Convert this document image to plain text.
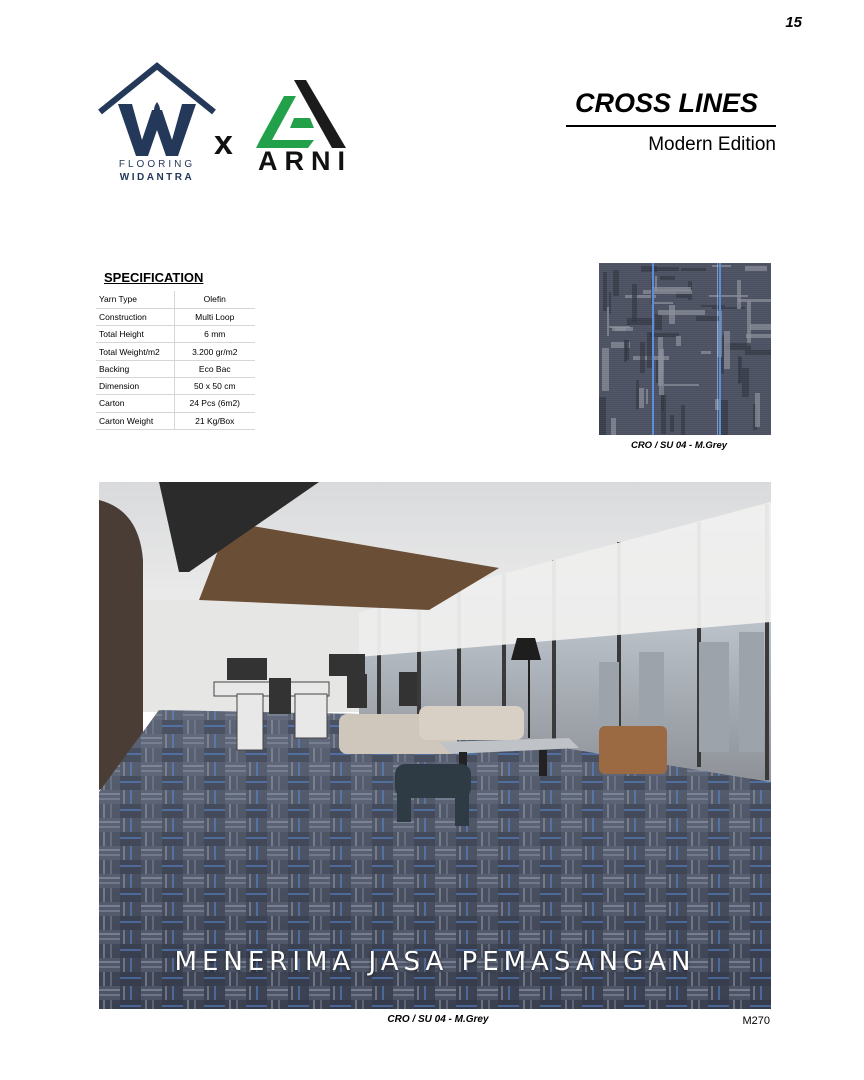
15
FLOORING
WIDANTRA
x ARNI
CROSS LINES
Modern Edition
SPECIFICATION
Yarn Type	Olefin
Construction	Multi Loop
Total Height	6 mm
Total Weight/m2	3.200 gr/m2
Backing	Eco Bac
Dimension	50 x 50 cm
Carton	24 Pcs (6m2)
Carton Weight	21 Kg/Box
CRO / SU 04 - M.Grey
MENERIMA JASA PEMASANGAN
CRO / SU 04 - M.Grey	M270
